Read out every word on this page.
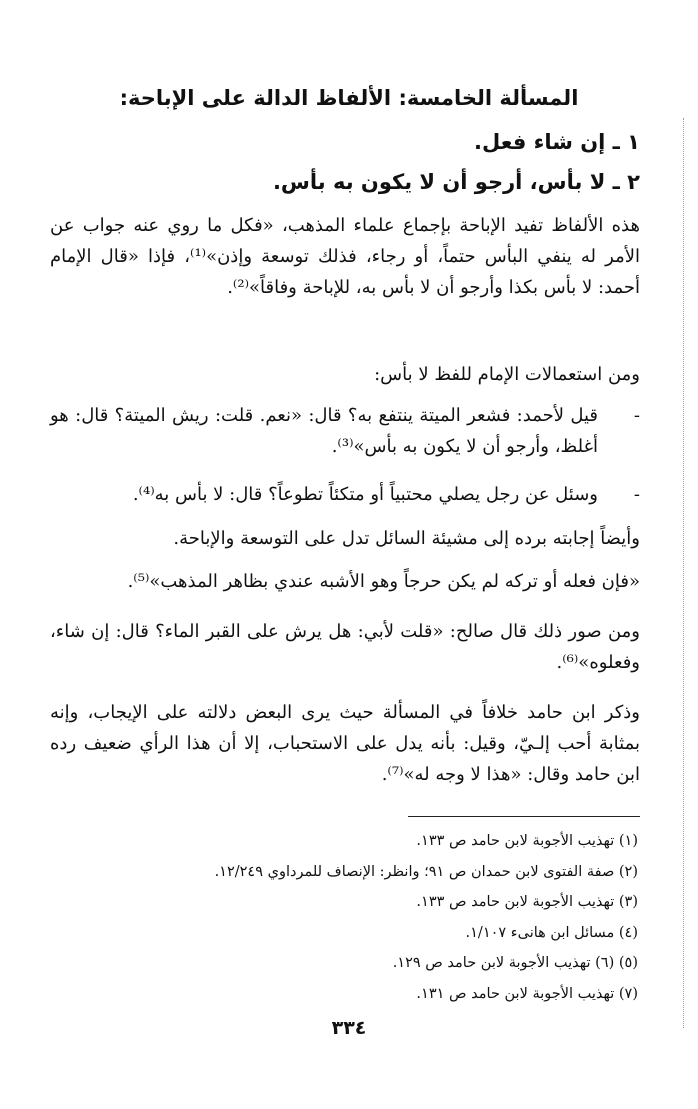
المسألة الخامسة: الألفاظ الدالة على الإباحة:
١ ـ إن شاء فعل.
٢ ـ لا بأس، أرجو أن لا يكون به بأس.
هذه الألفاظ تفيد الإباحة بإجماع علماء المذهب، «فكل ما روي عنه جواب عن الأمر له ينفي البأس حتماً، أو رجاء، فذلك توسعة وإذن»⁽¹⁾، فإذا «قال الإمام أحمد: لا بأس بكذا وأرجو أن لا بأس به، للإباحة وفاقاً»⁽²⁾.
ومن استعمالات الإمام للفظ لا بأس:
-
قيل لأحمد: فشعر الميتة ينتفع به؟ قال: «نعم. قلت: ريش الميتة؟ قال: هو أغلظ، وأرجو أن لا يكون به بأس»⁽³⁾.
-
وسئل عن رجل يصلي محتبياً أو متكئاً تطوعاً؟ قال: لا بأس به⁽⁴⁾.
وأيضاً إجابته برده إلى مشيئة السائل تدل على التوسعة والإباحة.
«فإن فعله أو تركه لم يكن حرجاً وهو الأشبه عندي بظاهر المذهب»⁽⁵⁾.
ومن صور ذلك قال صالح: «قلت لأبي: هل يرش على القبر الماء؟ قال: إن شاء، وفعلوه»⁽⁶⁾.
وذكر ابن حامد خلافاً في المسألة حيث يرى البعض دلالته على الإيجاب، وإنه بمثابة أحب إلـيّ، وقيل: بأنه يدل على الاستحباب، إلا أن هذا الرأي ضعيف رده ابن حامد وقال: «هذا لا وجه له»⁽⁷⁾.
(١) تهذيب الأجوبة لابن حامد ص ١٣٣.
(٢) صفة الفتوى لابن حمدان ص ٩١؛ وانظر: الإنصاف للمرداوي ١٢/٢٤٩.
(٣) تهذيب الأجوبة لابن حامد ص ١٣٣.
(٤) مسائل ابن هانىء ١/١٠٧.
(٥) (٦) تهذيب الأجوبة لابن حامد ص ١٢٩.
(٧) تهذيب الأجوبة لابن حامد ص ١٣١.
٣٣٤
